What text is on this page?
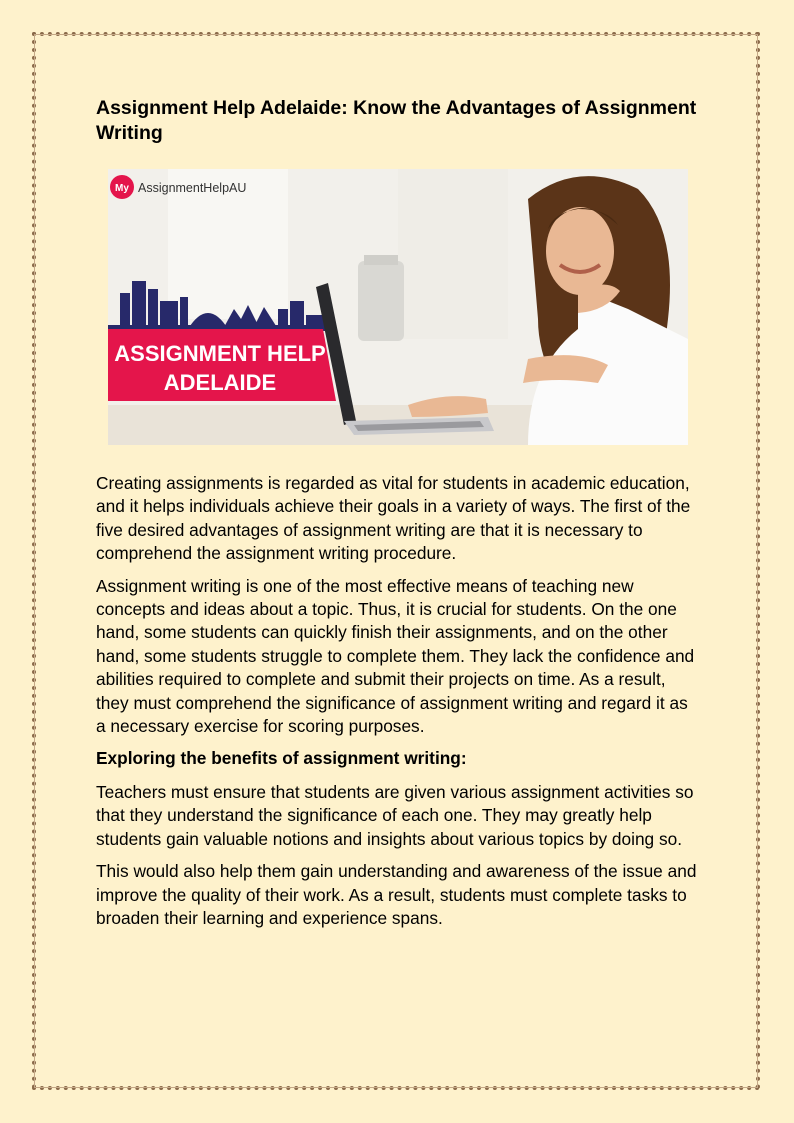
Assignment Help Adelaide: Know the Advantages of Assignment Writing
My AssignmentHelpAU
ASSIGNMENT HELP
ADELAIDE

Creating assignments is regarded as vital for students in academic education, and it helps individuals achieve their goals in a variety of ways. The first of the five desired advantages of assignment writing are that it is necessary to comprehend the assignment writing procedure.

Assignment writing is one of the most effective means of teaching new concepts and ideas about a topic. Thus, it is crucial for students. On the one hand, some students can quickly finish their assignments, and on the other hand, some students struggle to complete them. They lack the confidence and abilities required to complete and submit their projects on time. As a result, they must comprehend the significance of assignment writing and regard it as a necessary exercise for scoring purposes.

Exploring the benefits of assignment writing:

Teachers must ensure that students are given various assignment activities so that they understand the significance of each one. They may greatly help students gain valuable notions and insights about various topics by doing so.

This would also help them gain understanding and awareness of the issue and improve the quality of their work. As a result, students must complete tasks to broaden their learning and experience spans.
